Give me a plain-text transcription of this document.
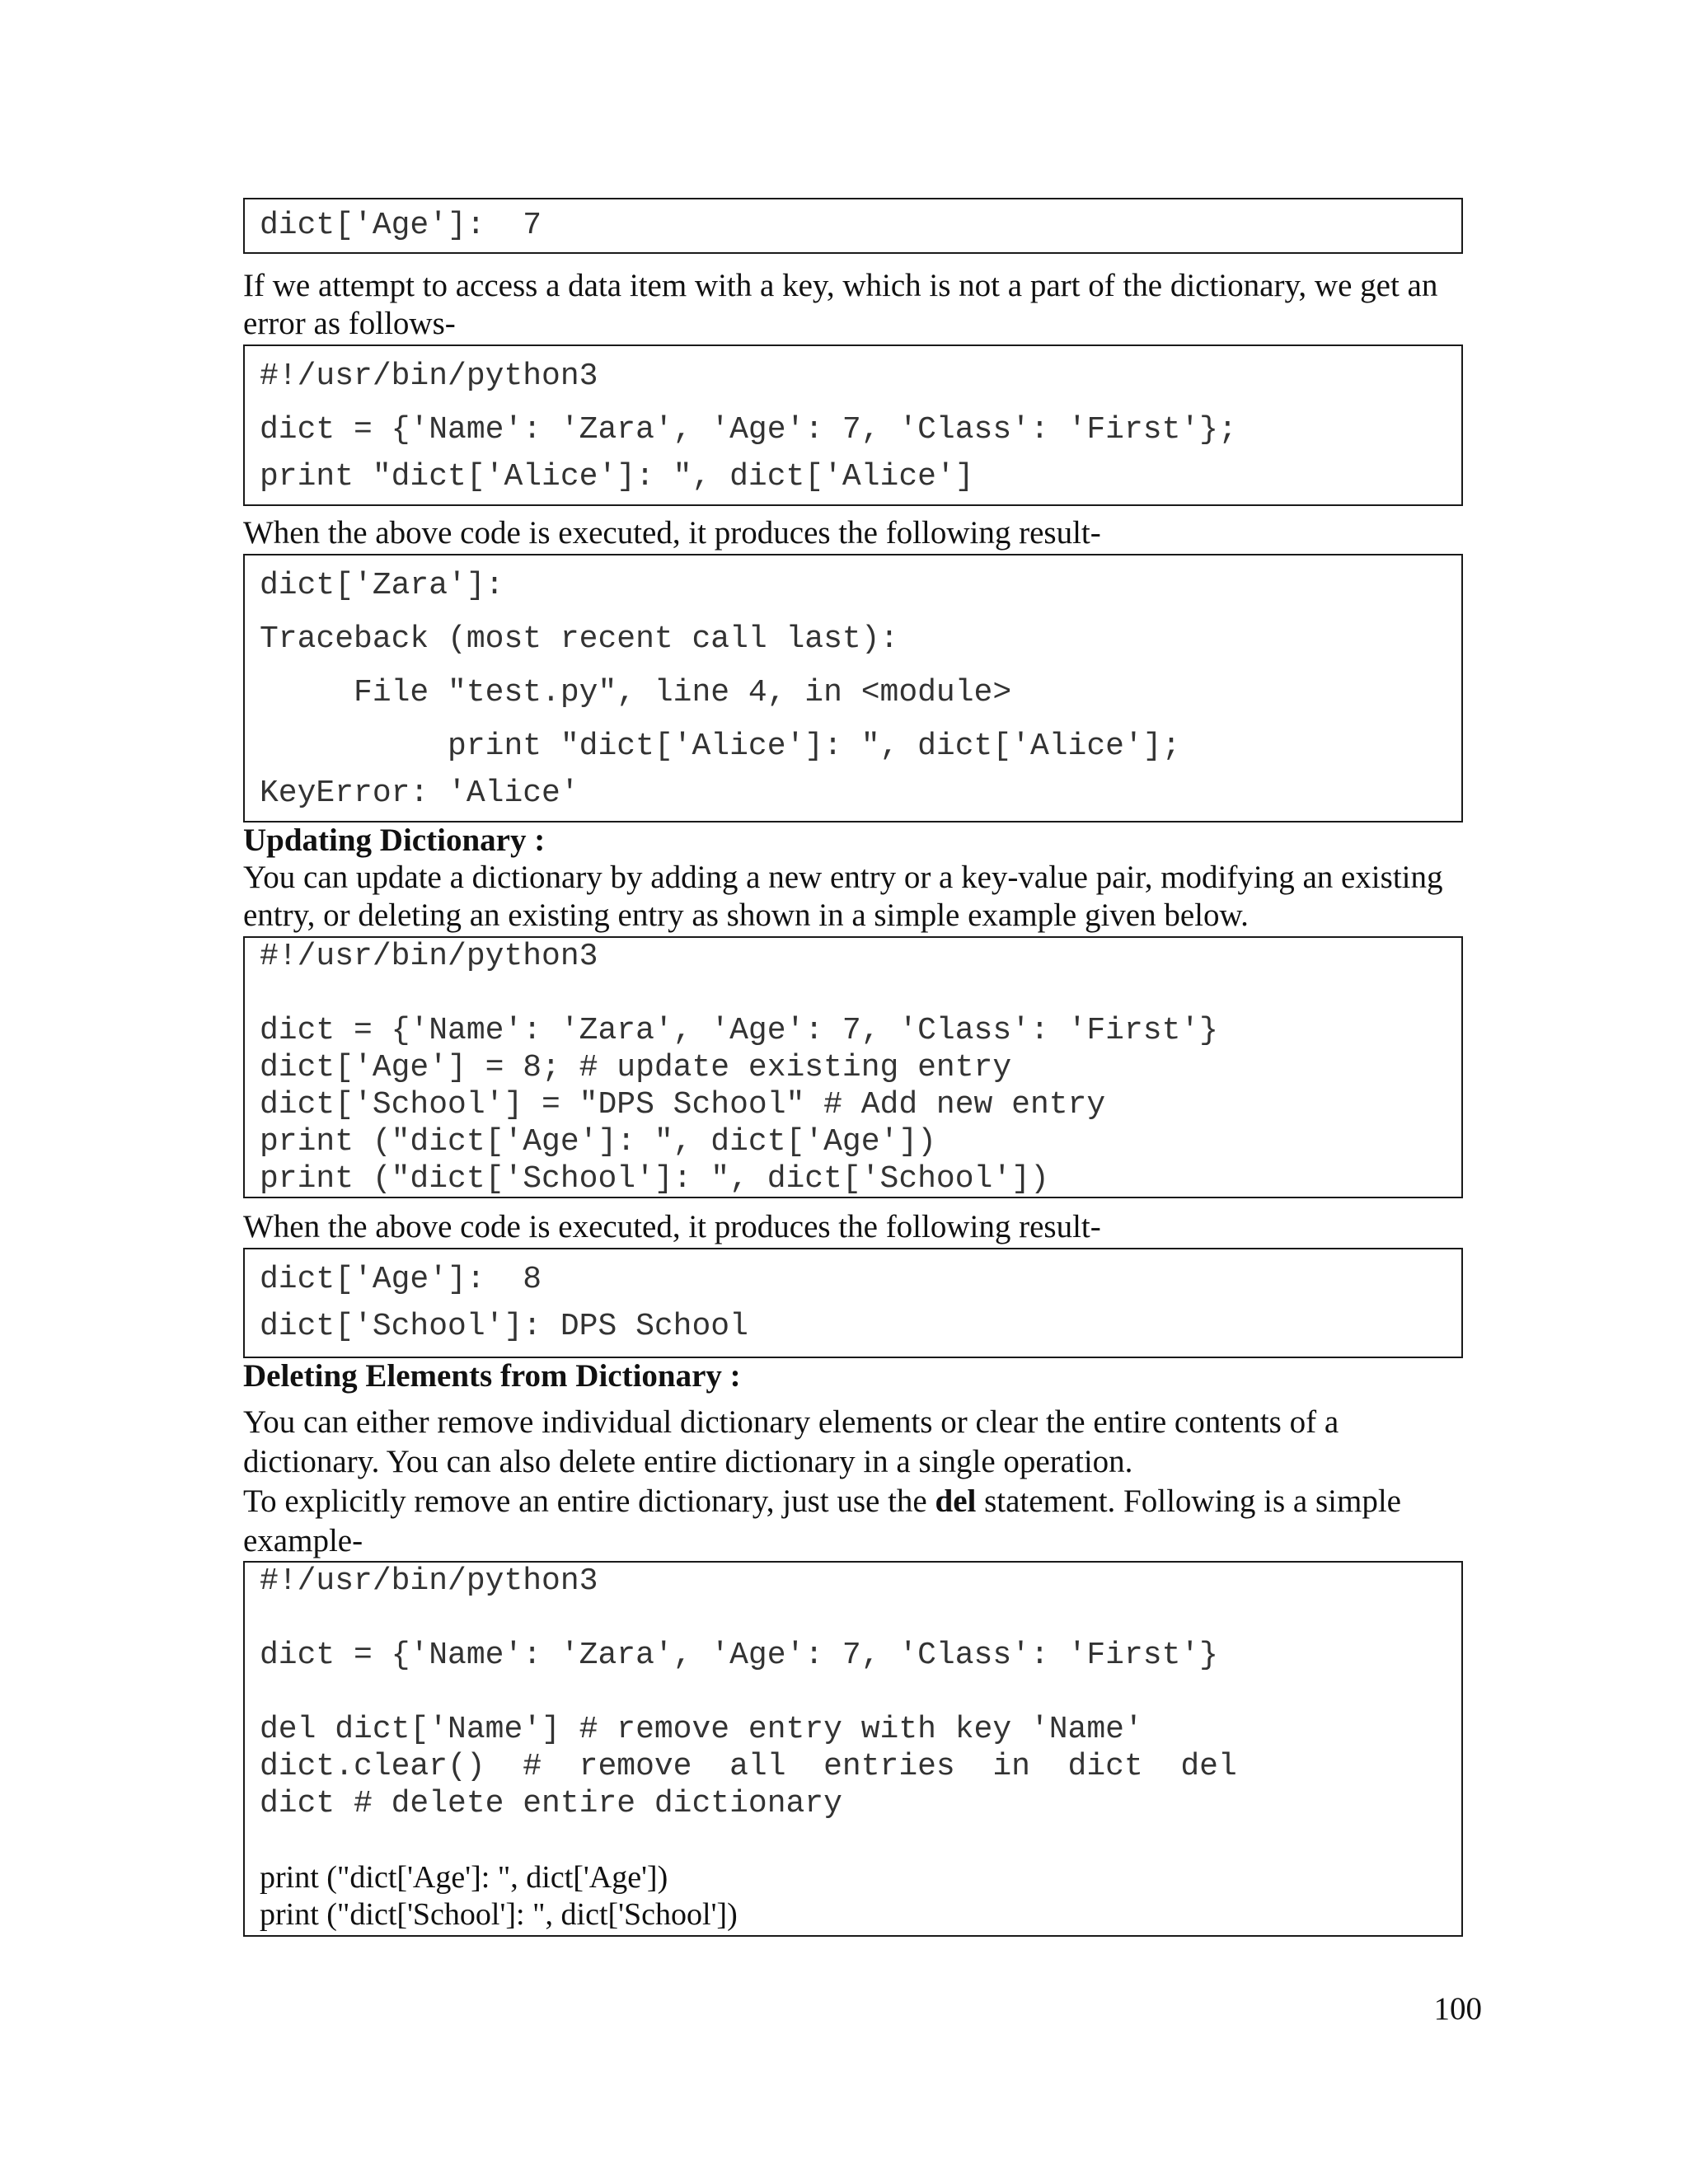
dict['Age']:  7

If we attempt to access a data item with a key, which is not a part of the dictionary, we get an error as follows-

#!/usr/bin/python3
dict = {'Name': 'Zara', 'Age': 7, 'Class': 'First'};
print "dict['Alice']: ", dict['Alice']

When the above code is executed, it produces the following result-

dict['Zara']:
Traceback (most recent call last):
File "test.py", line 4, in <module>
print "dict['Alice']: ", dict['Alice'];
KeyError: 'Alice'

Updating Dictionary :

You can update a dictionary by adding a new entry or a key-value pair, modifying an existing entry, or deleting an existing entry as shown in a simple example given below.

#!/usr/bin/python3
dict = {'Name': 'Zara', 'Age': 7, 'Class': 'First'}
dict['Age'] = 8; # update existing entry
dict['School'] = "DPS School" # Add new entry
print ("dict['Age']: ", dict['Age'])
print ("dict['School']: ", dict['School'])

When the above code is executed, it produces the following result-

dict['Age']:  8
dict['School']: DPS School

Deleting Elements from Dictionary :

You can either remove individual dictionary elements or clear the entire contents of a dictionary. You can also delete entire dictionary in a single operation.

To explicitly remove an entire dictionary, just use the del statement. Following is a simple example-

#!/usr/bin/python3
dict = {'Name': 'Zara', 'Age': 7, 'Class': 'First'}
del dict['Name'] # remove entry with key 'Name'
dict.clear()  #  remove  all  entries  in  dict  del
dict # delete entire dictionary
print ("dict['Age']: ", dict['Age'])
print ("dict['School']: ", dict['School'])
100
